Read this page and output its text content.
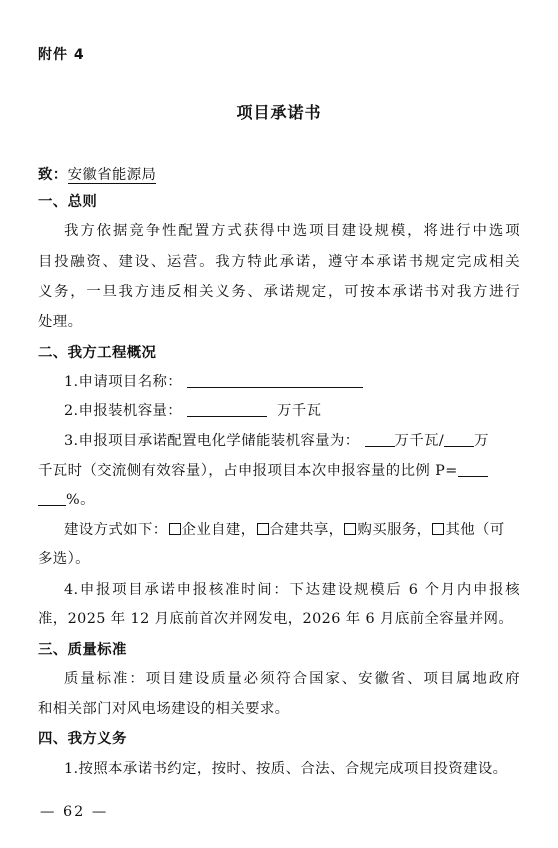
附件 4
项目承诺书
致：安徽省能源局
一、总则
我方依据竞争性配置方式获得中选项目建设规模，将进行中选项
目投融资、建设、运营。我方特此承诺，遵守本承诺书规定完成相关
义务，一旦我方违反相关义务、承诺规定，可按本承诺书对我方进行
处理。
二、我方工程概况
1.申请项目名称：
2.申报装机容量：	万千瓦
3.申报项目承诺配置电化学储能装机容量为： 万千瓦/ 万
千瓦时（交流侧有效容量），占申报项目本次申报容量的比例 P=
%。
建设方式如下： 企业自建， 合建共享， 购买服务， 其他（可
多选）。
4.申报项目承诺申报核准时间：下达建设规模后 6 个月内申报核
准，2025 年 12 月底前首次并网发电，2026 年 6 月底前全容量并网。
三、质量标准
质量标准：项目建设质量必须符合国家、安徽省、项目属地政府
和相关部门对风电场建设的相关要求。
四、我方义务
1.按照本承诺书约定，按时、按质、合法、合规完成项目投资建设。
— 62 —
